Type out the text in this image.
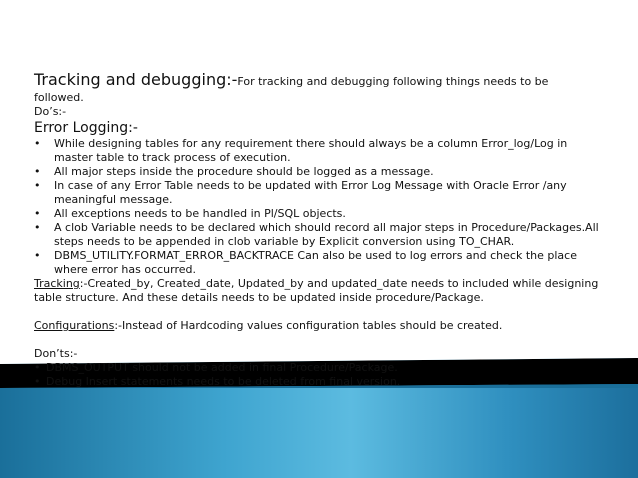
Tracking and debugging:-For tracking and debugging following things needs to be
followed.
Do’s:-
Error Logging:-
•	While designing tables for any requirement there should always be a column Error_log/Log in master table to track process of execution.
•	All major steps inside the procedure should be logged as a message.
•	In case of any Error Table needs to be updated with Error Log Message with Oracle Error /any meaningful message.
•	All exceptions needs to be handled in Pl/SQL objects.
•	A clob Variable needs to be declared which should record all major steps in Procedure/Packages.All steps needs to be appended in clob variable by Explicit conversion using TO_CHAR.
•	DBMS_UTILITY.FORMAT_ERROR_BACKTRACE Can also be used to log errors and check the place where error has occurred.
Tracking:-Created_by, Created_date, Updated_by and updated_date needs to included while designing
table structure. And these details needs to be updated inside procedure/Package.
Configurations:-Instead of Hardcoding values configuration tables should be created.
Don’ts:-
• DBMS_OUTPUT should not be added in final Procedure/Package.
• Debug Insert statements needs to be deleted from final version.
